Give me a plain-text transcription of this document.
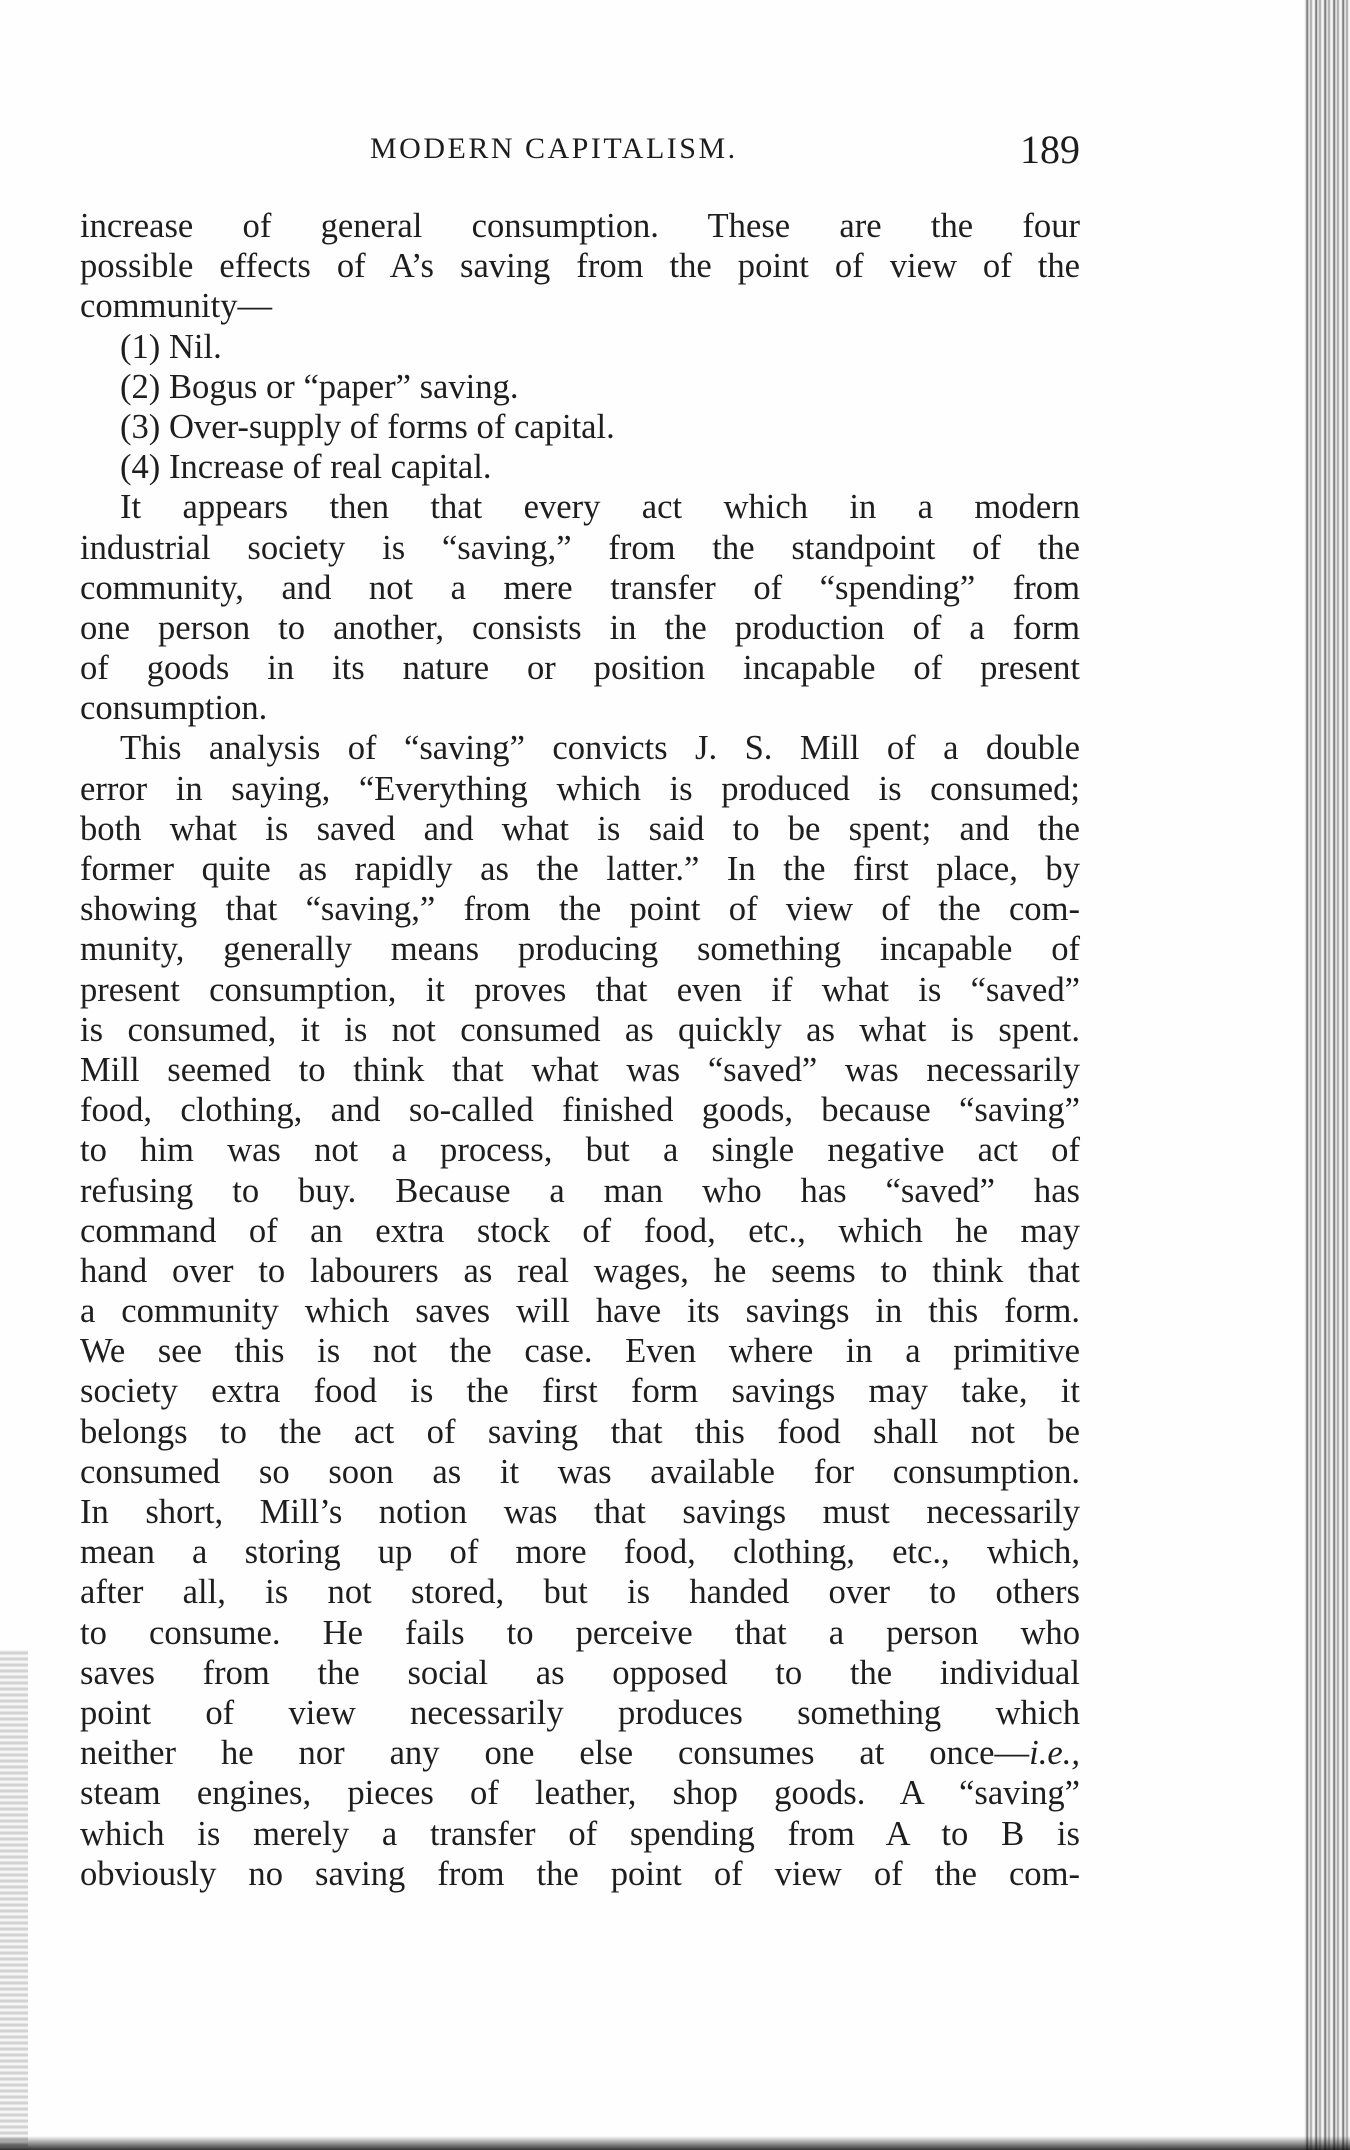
MODERN CAPITALISM.	189
increase of general consumption. These are the four
possible effects of A’s saving from the point of view of the
community—
(1) Nil.
(2) Bogus or “paper” saving.
(3) Over-supply of forms of capital.
(4) Increase of real capital.
It appears then that every act which in a modern
industrial society is “saving,” from the standpoint of the
community, and not a mere transfer of “spending” from
one person to another, consists in the production of a form
of goods in its nature or position incapable of present
consumption.
This analysis of “saving” convicts J. S. Mill of a double
error in saying, “Everything which is produced is consumed;
both what is saved and what is said to be spent; and the
former quite as rapidly as the latter.” In the first place, by
showing that “saving,” from the point of view of the com-
munity, generally means producing something incapable of
present consumption, it proves that even if what is “saved”
is consumed, it is not consumed as quickly as what is spent.
Mill seemed to think that what was “saved” was necessarily
food, clothing, and so-called finished goods, because “saving”
to him was not a process, but a single negative act of
refusing to buy. Because a man who has “saved” has
command of an extra stock of food, etc., which he may
hand over to labourers as real wages, he seems to think that
a community which saves will have its savings in this form.
We see this is not the case. Even where in a primitive
society extra food is the first form savings may take, it
belongs to the act of saving that this food shall not be
consumed so soon as it was available for consumption.
In short, Mill’s notion was that savings must necessarily
mean a storing up of more food, clothing, etc., which,
after all, is not stored, but is handed over to others
to consume. He fails to perceive that a person who
saves from the social as opposed to the individual
point of view necessarily produces something which
neither he nor any one else consumes at once—i.e.,
steam engines, pieces of leather, shop goods. A “saving”
which is merely a transfer of spending from A to B is
obviously no saving from the point of view of the com-
